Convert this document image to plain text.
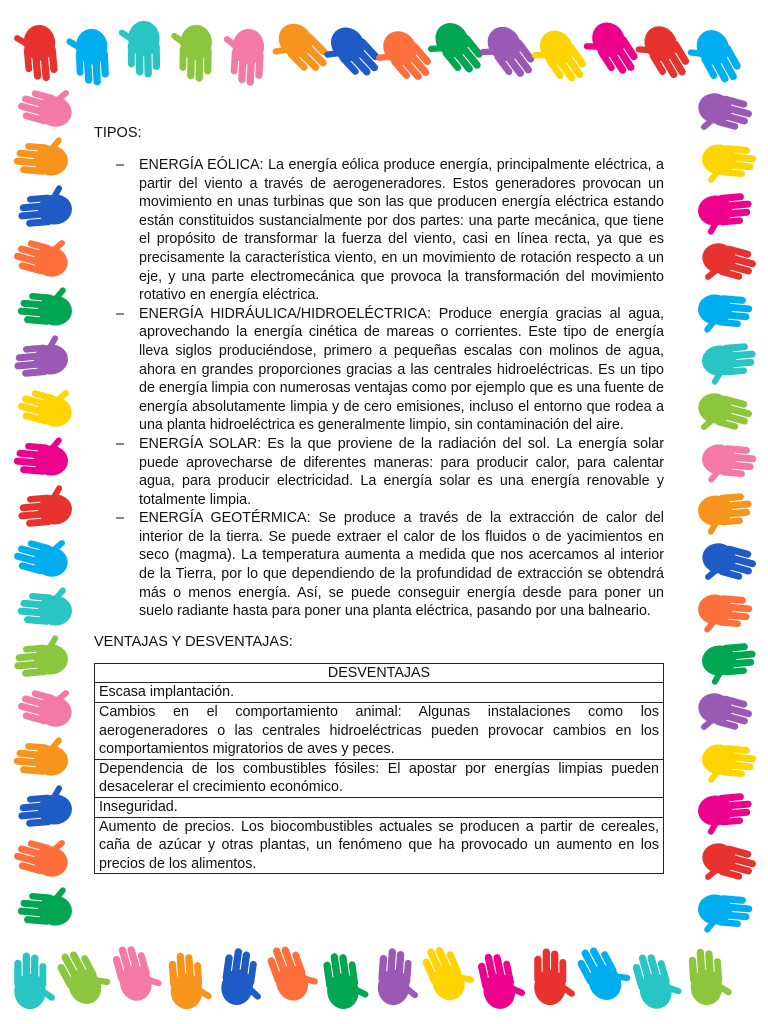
TIPOS:

– ENERGÍA EÓLICA: La energía eólica produce energía, principalmente eléctrica, a partir del viento a través de aerogeneradores. Estos generadores provocan un movimiento en unas turbinas que son las que producen energía eléctrica estando están constituidos sustancialmente por dos partes: una parte mecánica, que tiene el propósito de transformar la fuerza del viento, casi en línea recta, ya que es precisamente la característica viento, en un movimiento de rotación respecto a un eje, y una parte electromecánica que provoca la transformación del movimiento rotativo en energía eléctrica.
– ENERGÍA HIDRÁULICA/HIDROELÉCTRICA: Produce energía gracias al agua, aprovechando la energía cinética de mareas o corrientes. Este tipo de energía lleva siglos produciéndose, primero a pequeñas escalas con molinos de agua, ahora en grandes proporciones gracias a las centrales hidroeléctricas. Es un tipo de energía limpia con numerosas ventajas como por ejemplo que es una fuente de energía absolutamente limpia y de cero emisiones, incluso el entorno que rodea a una planta hidroeléctrica es generalmente limpio, sin contaminación del aire.
– ENERGÍA SOLAR: Es la que proviene de la radiación del sol. La energía solar puede aprovecharse de diferentes maneras: para producir calor, para calentar agua, para producir electricidad. La energía solar es una energía renovable y totalmente limpia.
– ENERGÍA GEOTÉRMICA: Se produce a través de la extracción de calor del interior de la tierra. Se puede extraer el calor de los fluidos o de yacimientos en seco (magma). La temperatura aumenta a medida que nos acercamos al interior de la Tierra, por lo que dependiendo de la profundidad de extracción se obtendrá más o menos energía. Así, se puede conseguir energía desde para poner un suelo radiante hasta para poner una planta eléctrica, pasando por una balneario.

VENTAJAS Y DESVENTAJAS:

DESVENTAJAS
Escasa implantación.
Cambios en el comportamiento animal: Algunas instalaciones como los aerogeneradores o las centrales hidroeléctricas pueden provocar cambios en los comportamientos migratorios de aves y peces.
Dependencia de los combustibles fósiles: El apostar por energías limpias pueden desacelerar el crecimiento económico.
Inseguridad.
Aumento de precios. Los biocombustibles actuales se producen a partir de cereales, caña de azúcar y otras plantas, un fenómeno que ha provocado un aumento en los precios de los alimentos.
